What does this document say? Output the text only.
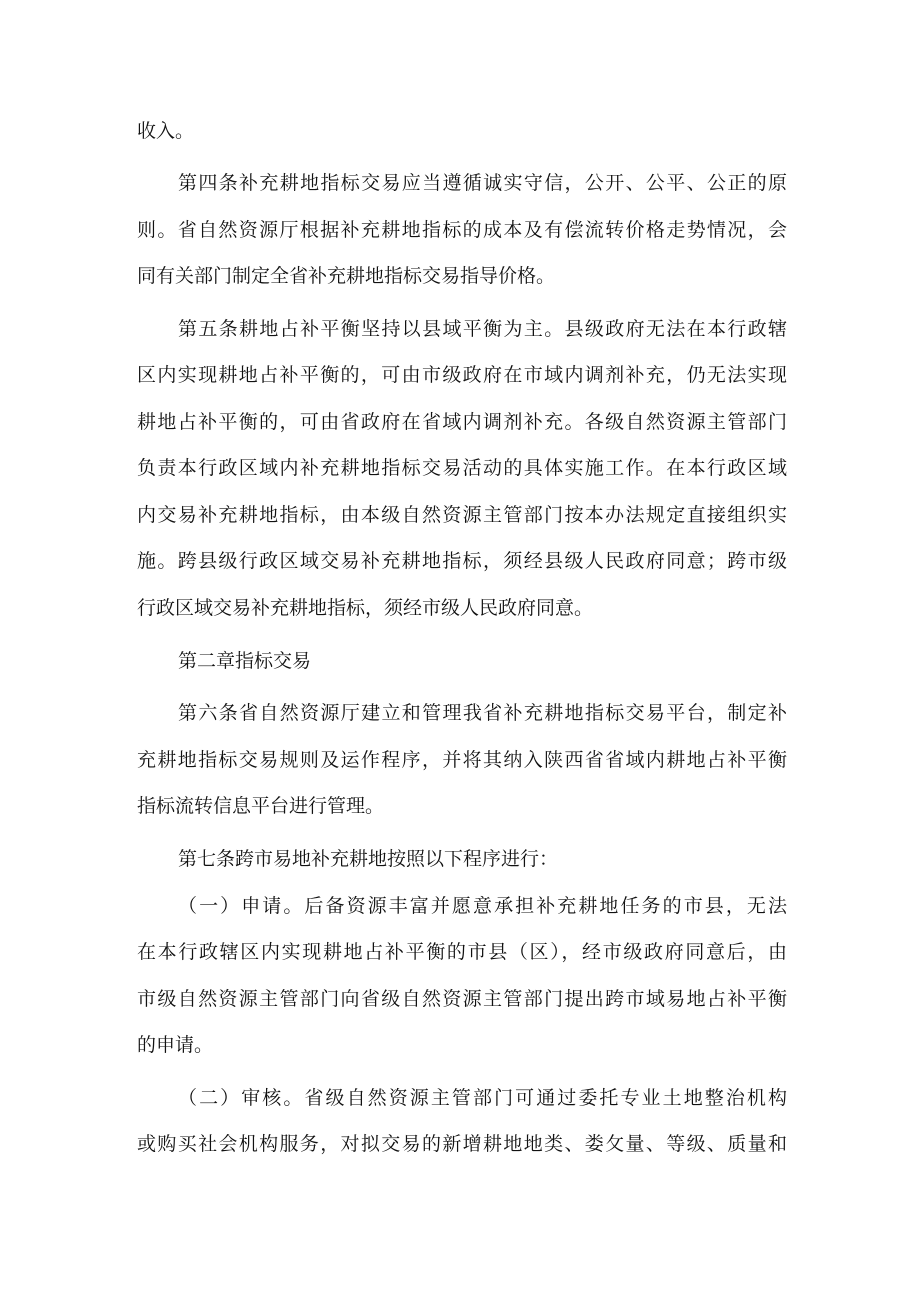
收入。
第四条补充耕地指标交易应当遵循诚实守信，公开、公平、公正的原
则。省自然资源厅根据补充耕地指标的成本及有偿流转价格走势情况，会
同有关部门制定全省补充耕地指标交易指导价格。
第五条耕地占补平衡坚持以县域平衡为主。县级政府无法在本行政辖
区内实现耕地占补平衡的，可由市级政府在市域内调剂补充，仍无法实现
耕地占补平衡的，可由省政府在省域内调剂补充。各级自然资源主管部门
负责本行政区域内补充耕地指标交易活动的具体实施工作。在本行政区域
内交易补充耕地指标，由本级自然资源主管部门按本办法规定直接组织实
施。跨县级行政区域交易补充耕地指标，须经县级人民政府同意；跨市级
行政区域交易补充耕地指标，须经市级人民政府同意。
第二章指标交易
第六条省自然资源厅建立和管理我省补充耕地指标交易平台，制定补
充耕地指标交易规则及运作程序，并将其纳入陕西省省域内耕地占补平衡
指标流转信息平台进行管理。
第七条跨市易地补充耕地按照以下程序进行：
（一）申请。后备资源丰富并愿意承担补充耕地任务的市县，无法
在本行政辖区内实现耕地占补平衡的市县（区），经市级政府同意后，由
市级自然资源主管部门向省级自然资源主管部门提出跨市域易地占补平衡
的申请。
（二）审核。省级自然资源主管部门可通过委托专业土地整治机构
或购买社会机构服务，对拟交易的新增耕地地类、娄攵量、等级、质量和
